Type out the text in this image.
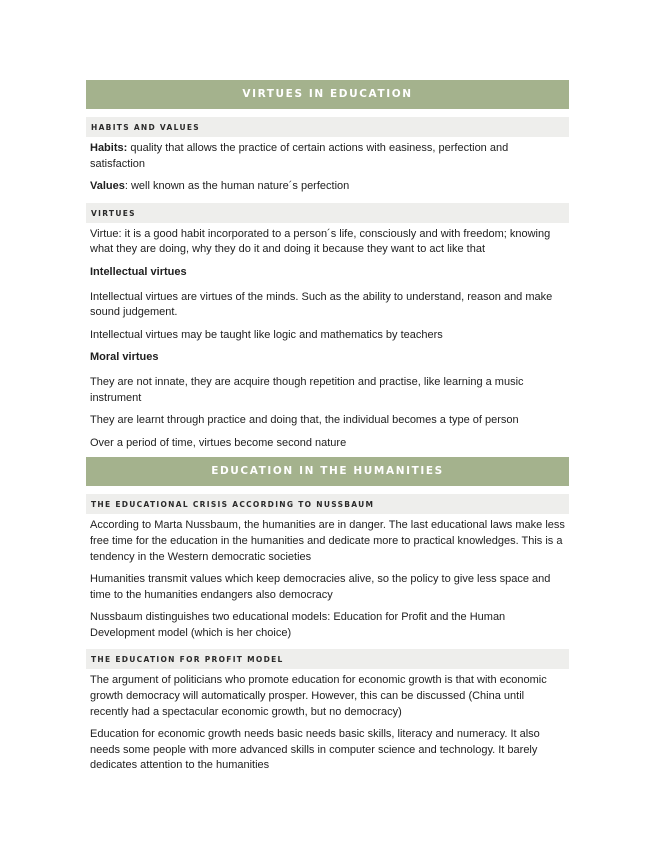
VIRTUES IN EDUCATION
HABITS AND VALUES

Habits: quality that allows the practice of certain actions with easiness, perfection and satisfaction

Values: well known as the human nature´s perfection

VIRTUES

Virtue: it is a good habit incorporated to a person´s life, consciously and with freedom; knowing what they are doing, why they do it and doing it because they want to act like that

Intellectual virtues

Intellectual virtues are virtues of the minds. Such as the ability to understand, reason and make sound judgement.

Intellectual virtues may be taught like logic and mathematics by teachers

Moral virtues

They are not innate, they are acquire though repetition and practise, like learning a music instrument

They are learnt through practice and doing that, the individual becomes a type of person

Over a period of time, virtues become second nature

EDUCATION IN THE HUMANITIES
THE EDUCATIONAL CRISIS ACCORDING TO NUSSBAUM

According to Marta Nussbaum, the humanities are in danger. The last educational laws make less free time for the education in the humanities and dedicate more to practical knowledges. This is a tendency in the Western democratic societies

Humanities transmit values which keep democracies alive, so the policy to give less space and time to the humanities endangers also democracy

Nussbaum distinguishes two educational models: Education for Profit and the Human Development model (which is her choice)

THE EDUCATION FOR PROFIT MODEL

The argument of politicians who promote education for economic growth is that with economic growth democracy will automatically prosper. However, this can be discussed (China until recently had a spectacular economic growth, but no democracy)

Education for economic growth needs basic needs basic skills, literacy and numeracy. It also needs some people with more advanced skills in computer science and technology. It barely dedicates attention to the humanities
